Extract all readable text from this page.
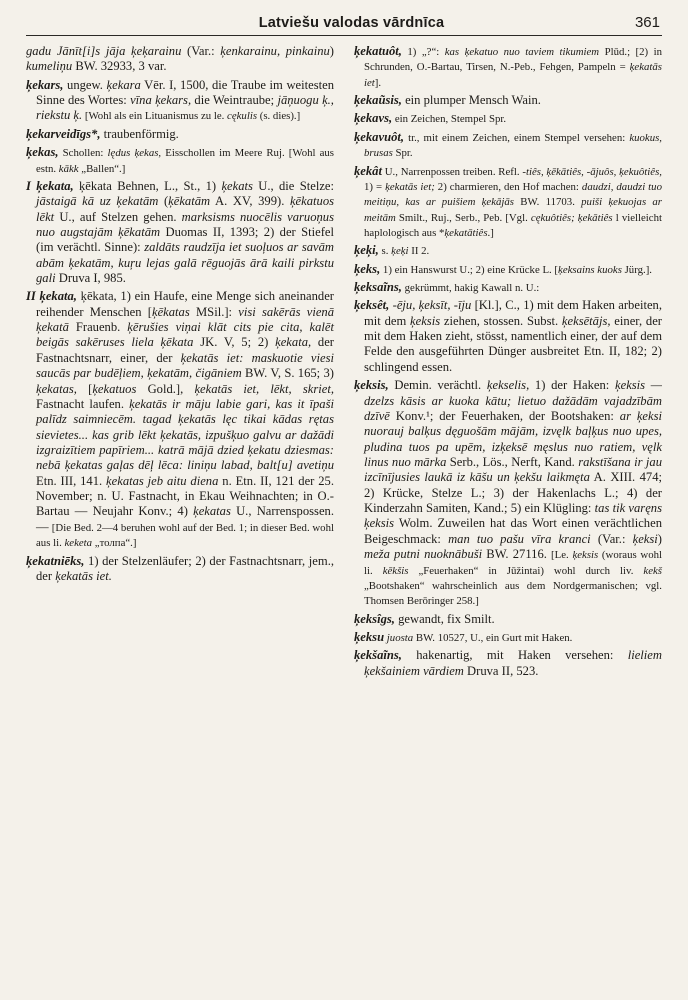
Latviešu valodas vārdnīca	361

gadu Jānīt[i]s jāja ķeķarainu (Var.: ķenkarainu, pinkainu) kumeliņu BW. 32933, 3 var.

ķekars, ungew. ķekara Vēr. I, 1500, die Traube im weitesten Sinne des Wortes: vīna ķekars, die Weintraube; jāņuogu ķ., riekstu ķ. [Wohl als ein Lituanismus zu le. cękulis (s. dies).]

ķekarveidīgs*, traubenförmig.

ķekas, Schollen: lędus ķekas, Eisschollen im Meere Ruj. [Wohl aus estn. kākk „Ballen“.]

I ķekata, ķēkata Behnen, L., St., 1) ķekats U., die Stelze: jāstaigā kā uz ķekatām (ķēkatām A. XV, 399). ķēkatuos lēkt U., auf Stelzen gehen. marksisms nuocēlis varuoņus nuo augstajām ķēkatām Duomas II, 1393; 2) der Stiefel (im verächtl. Sinne): zaldāts raudzīja iet suoļuos ar savām abām ķekatām, kuŗu lejas galā rēguojās ārā kaili pirkstu gali Druva I, 985.

II ķekata, ķēkata, 1) ein Haufe, eine Menge sich aneinander reihender Menschen [ķēkatas MSil.]: visi sakērās vienā ķekatā Frauenb. ķērušies viņai klāt cits pie cita, kalēt beigās sakēruses liela ķēkata JK. V, 5; 2) ķekata, der Fastnachtsnarr, einer, der ķekatās iet: maskuotie viesi saucās par budēļiem, ķekatām, čigāniem BW. V, S. 165; 3) ķekatas, [ķekatuos Gold.], ķekatās iet, lēkt, skriet, Fastnacht laufen. ķekatās ir māju labie gari, kas it īpaši palīdz saimniecēm. tagad ķekatās lęc tikai kādas rętas sievietes... kas grib lēkt ķekatās, izpušķuo galvu ar dažādi izgraizītiem papīriem... katrā mājā dzied ķekatu dziesmas: nebā ķekatas gaļas dēļ lēca: liniņu labad, balt[u] avetiņu Etn. III, 141. ķekatas jeb aitu diena n. Etn. II, 121 der 25. November; n. U. Fastnacht, in Ekau Weihnachten; in O.-Bartau — Neujahr Konv.; 4) ķekatas U., Narrenspossen. — [Die Bed. 2—4 beruhen wohl auf der Bed. 1; in dieser Bed. wohl aus li. keketa „толпа“.]

ķekatniēks, 1) der Stelzenläufer; 2) der Fastnachtsnarr, jem., der ķekatās iet.

ķekatuôt, 1) „?“: kas ķekatuo nuo taviem tikumiem Plūd.; [2) in Schrunden, O.-Bartau, Tirsen, N.-Peb., Fehgen, Pampeln = ķekatās iet].

ķekaũsis, ein plumper Mensch Wain.

ķekavs, ein Zeichen, Stempel Spr.

ķekavuôt, tr., mit einem Zeichen, einem Stempel versehen: kuokus, brusas Spr.

ķekât U., Narrenpossen treiben. Refl. -tiês, ķēkātiês, -ājuôs, ķekuôtiês, 1) = ķekatās iet; 2) charmieren, den Hof machen: daudzi, daudzi tuo meitiņu, kas ar puišiem ķekājās BW. 11703. puiši ķekuojas ar meitām Smilt., Ruj., Serb., Peb. [Vgl. cękuôtiês; ķekātiês l vielleicht haplologisch aus *ķekatātiês.]

ķeķi, s. ķeķi II 2.

ķeks, 1) ein Hanswurst U.; 2) eine Krücke L. [ķeksains kuoks Jürg.].

ķeksaĩns, gekrümmt, hakig Kawall n. U.:

ķeksêt, -ēju, ķeksīt, -īju [Kl.], C., 1) mit dem Haken arbeiten, mit dem ķeksis ziehen, stossen. Subst. ķeksētājs, einer, der mit dem Haken zieht, stösst, namentlich einer, der auf dem Felde den ausgeführten Dünger ausbreitet Etn. II, 182; 2) schlingend essen.

ķeksis, Demin. verächtl. ķekselis, 1) der Haken: ķeksis — dzelzs kāsis ar kuoka kātu; lietuo dažādām vajadzībām dzīvē Konv.¹; der Feuerhaken, der Bootshaken: ar ķeksi nuorauj balķus dęguošām mājām, izvęlk baļķus nuo upes, pludina tuos pa upēm, izķeksē męslus nuo ratiem, vęlk linus nuo mārka Serb., Lös., Nerft, Kand. rakstīšana ir jau izcīnījusies laukā iz kāšu un ķekšu laikmęta A. XIII. 474; 2) Krücke, Stelze L.; 3) der Hakenlachs L.; 4) der Kinderzahn Samiten, Kand.; 5) ein Klügling: tas tik varęns ķeksis Wolm. Zuweilen hat das Wort einen verächtlichen Beigeschmack: man tuo pašu vīra kranci (Var.: ķeksi) meža putni nuoknābuši BW. 27116. [Le. ķeksis (woraus wohl li. kēkšis „Feuerhaken“ in Jūžintai) wohl durch liv. kekš „Bootshaken“ wahrscheinlich aus dem Nordgermanischen; vgl. Thomsen Berōringer 258.]

ķeksîgs, gewandt, fix Smilt.

ķeksu juosta BW. 10527, U., ein Gurt mit Haken.

ķekšaĩns, hakenartig, mit Haken versehen: lieliem ķekšainiem vārdiem Druva II, 523.
